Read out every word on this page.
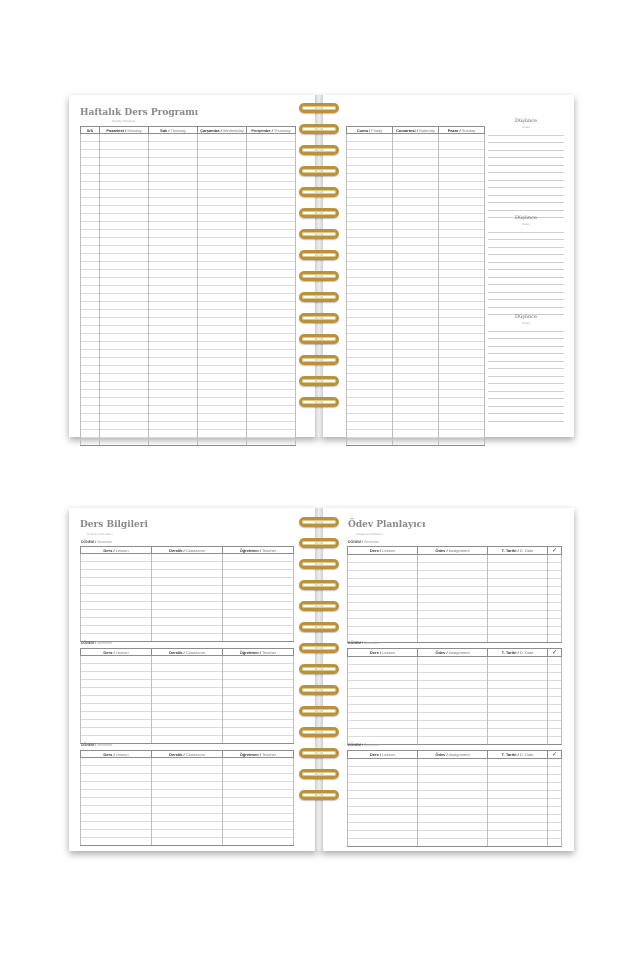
Haftalık Ders Programı
Weekly Schedule
S/S	Pazartesi / Monday	Salı / Tuesday	Çarşamba / Wednesday	Perşembe / Thursday

					Cuma / Friday	Cumartesi / Saturday	Pazar / Sunday

Düşünce
Notes
Düşünce
Notes
Düşünce
Notes
Ders Bilgileri
Course Information
Ödev Planlayıcı
Assignment Planner
DÖNEM / Semester
Ders / Lesson	Derslik / Classroom	Öğretmen / Teacher

DÖNEM / Semester
Ders / Lesson	Derslik / Classroom	Öğretmen / Teacher

DÖNEM / Semester
Ders / Lesson	Derslik / Classroom	Öğretmen / Teacher

DÖNEM / Semester
Ders / Lesson	Ödev / Assignment	T. Tarihi / D. Date	✓

DÖNEM / Semester
Ders / Lesson	Ödev / Assignment	T. Tarihi / D. Date	✓

DÖNEM / Semester
Ders / Lesson	Ödev / Assignment	T. Tarihi / D. Date	✓
